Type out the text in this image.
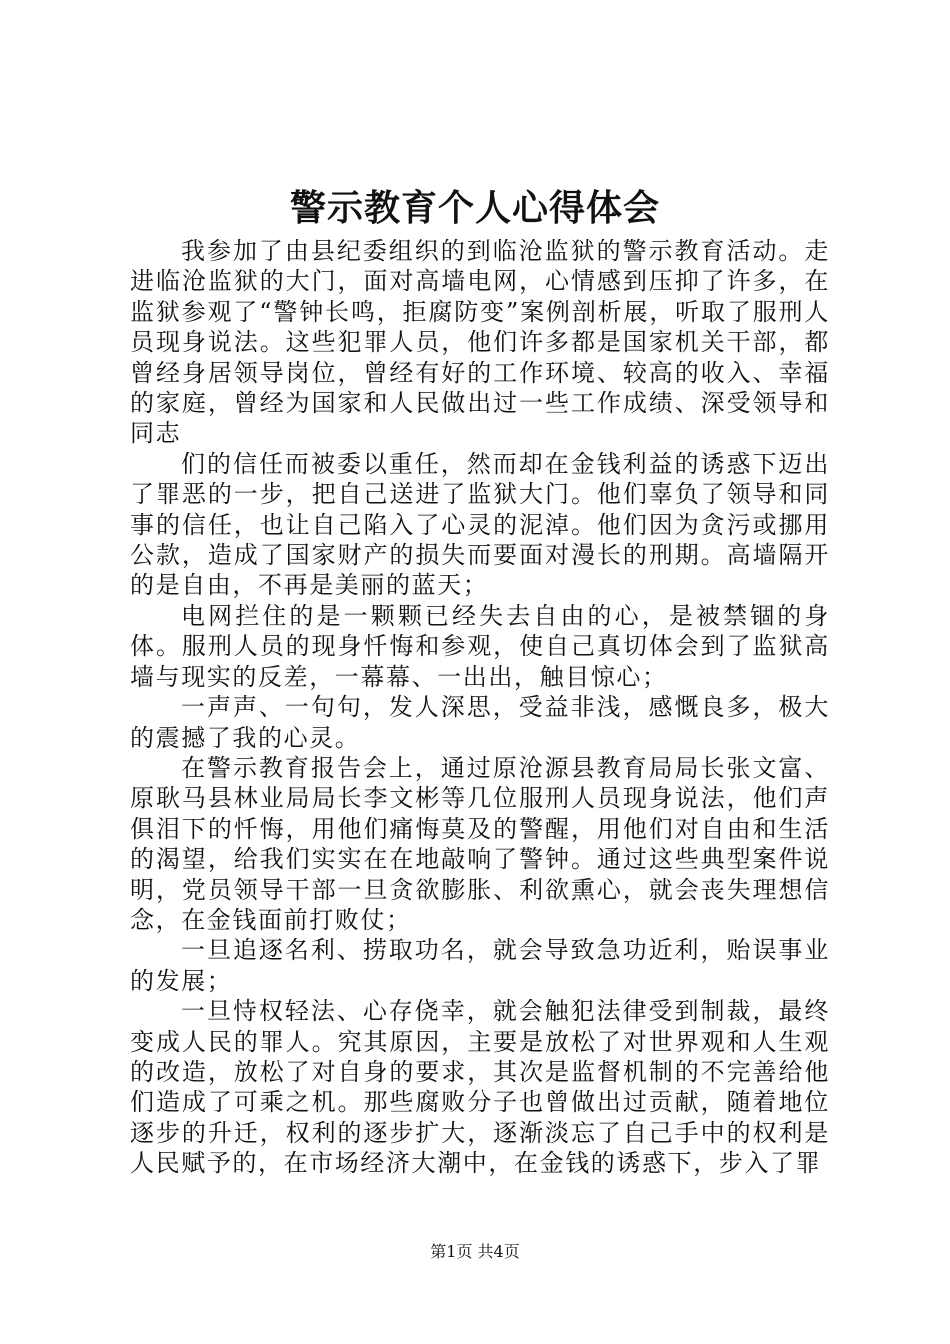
警示教育个人心得体会

我参加了由县纪委组织的到临沧监狱的警示教育活动。走进临沧监狱的大门，面对高墙电网，心情感到压抑了许多，在监狱参观了“警钟长鸣，拒腐防变”案例剖析展，听取了服刑人员现身说法。这些犯罪人员，他们许多都是国家机关干部，都曾经身居领导岗位，曾经有好的工作环境、较高的收入、幸福的家庭，曾经为国家和人民做出过一些工作成绩、深受领导和同志

们的信任而被委以重任，然而却在金钱利益的诱惑下迈出了罪恶的一步，把自己送进了监狱大门。他们辜负了领导和同事的信任，也让自己陷入了心灵的泥淖。他们因为贪污或挪用公款，造成了国家财产的损失而要面对漫长的刑期。高墙隔开的是自由，不再是美丽的蓝天；

电网拦住的是一颗颗已经失去自由的心，是被禁锢的身体。服刑人员的现身忏悔和参观，使自己真切体会到了监狱高墙与现实的反差，一幕幕、一出出，触目惊心；

一声声、一句句，发人深思，受益非浅，感慨良多，极大的震撼了我的心灵。

在警示教育报告会上，通过原沧源县教育局局长张文富、原耿马县林业局局长李文彬等几位服刑人员现身说法，他们声俱泪下的忏悔，用他们痛悔莫及的警醒，用他们对自由和生活的渴望，给我们实实在在地敲响了警钟。通过这些典型案件说明，党员领导干部一旦贪欲膨胀、利欲熏心，就会丧失理想信念，在金钱面前打败仗；

一旦追逐名利、捞取功名，就会导致急功近利，贻误事业的发展；

一旦恃权轻法、心存侥幸，就会触犯法律受到制裁，最终变成人民的罪人。究其原因，主要是放松了对世界观和人生观的改造，放松了对自身的要求，其次是监督机制的不完善给他们造成了可乘之机。那些腐败分子也曾做出过贡献，随着地位逐步的升迁，权利的逐步扩大，逐渐淡忘了自己手中的权利是人民赋予的，在市场经济大潮中，在金钱的诱惑下，步入了罪

第1页 共4页
